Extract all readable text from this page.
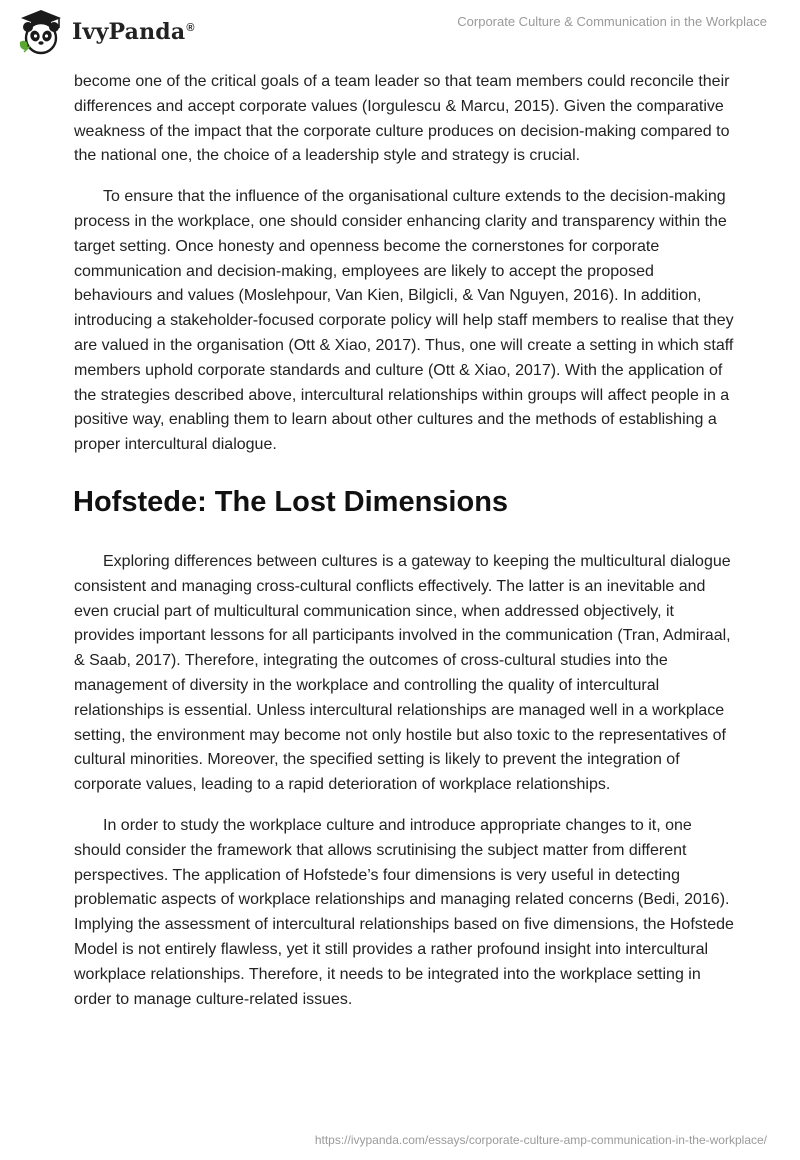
IvyPanda®	Corporate Culture & Communication in the Workplace

become one of the critical goals of a team leader so that team members could reconcile their differences and accept corporate values (Iorgulescu & Marcu, 2015). Given the comparative weakness of the impact that the corporate culture produces on decision-making compared to the national one, the choice of a leadership style and strategy is crucial.

To ensure that the influence of the organisational culture extends to the decision-making process in the workplace, one should consider enhancing clarity and transparency within the target setting. Once honesty and openness become the cornerstones for corporate communication and decision-making, employees are likely to accept the proposed behaviours and values (Moslehpour, Van Kien, Bilgicli, & Van Nguyen, 2016). In addition, introducing a stakeholder-focused corporate policy will help staff members to realise that they are valued in the organisation (Ott & Xiao, 2017). Thus, one will create a setting in which staff members uphold corporate standards and culture (Ott & Xiao, 2017). With the application of the strategies described above, intercultural relationships within groups will affect people in a positive way, enabling them to learn about other cultures and the methods of establishing a proper intercultural dialogue.

Hofstede: The Lost Dimensions

Exploring differences between cultures is a gateway to keeping the multicultural dialogue consistent and managing cross-cultural conflicts effectively. The latter is an inevitable and even crucial part of multicultural communication since, when addressed objectively, it provides important lessons for all participants involved in the communication (Tran, Admiraal, & Saab, 2017). Therefore, integrating the outcomes of cross-cultural studies into the management of diversity in the workplace and controlling the quality of intercultural relationships is essential. Unless intercultural relationships are managed well in a workplace setting, the environment may become not only hostile but also toxic to the representatives of cultural minorities. Moreover, the specified setting is likely to prevent the integration of corporate values, leading to a rapid deterioration of workplace relationships.

In order to study the workplace culture and introduce appropriate changes to it, one should consider the framework that allows scrutinising the subject matter from different perspectives. The application of Hofstede’s four dimensions is very useful in detecting problematic aspects of workplace relationships and managing related concerns (Bedi, 2016). Implying the assessment of intercultural relationships based on five dimensions, the Hofstede Model is not entirely flawless, yet it still provides a rather profound insight into intercultural workplace relationships. Therefore, it needs to be integrated into the workplace setting in order to manage culture-related issues.

https://ivypanda.com/essays/corporate-culture-amp-communication-in-the-workplace/
